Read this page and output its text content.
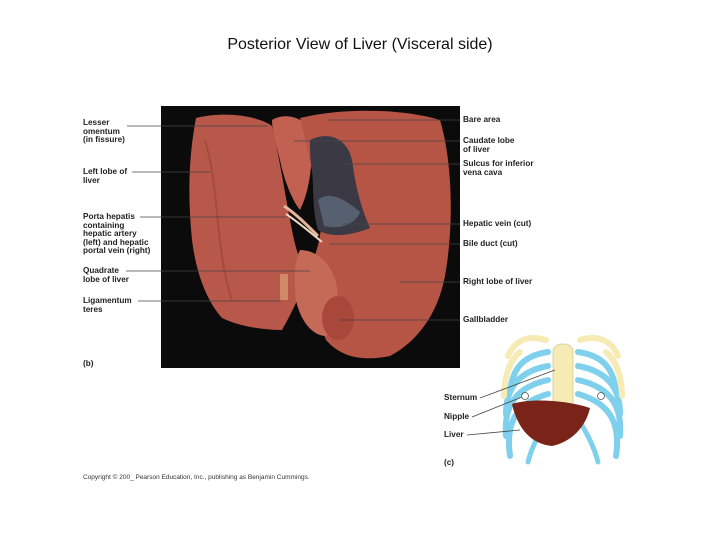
Posterior View of Liver (Visceral side)
Lesser
omentum
(in fissure)
Left lobe of
liver
Porta hepatis
containing
hepatic artery
(left) and hepatic
portal vein (right)
Quadrate
lobe of liver
Ligamentum
teres
(b)
Bare area
Caudate lobe
of liver
Sulcus for inferior
vena cava
Hepatic vein (cut)
Bile duct (cut)
Right lobe of liver
Gallbladder
Sternum
Nipple
Liver
(c)
Copyright © 200_ Pearson Education, Inc., publishing as Benjamin Cummings.
